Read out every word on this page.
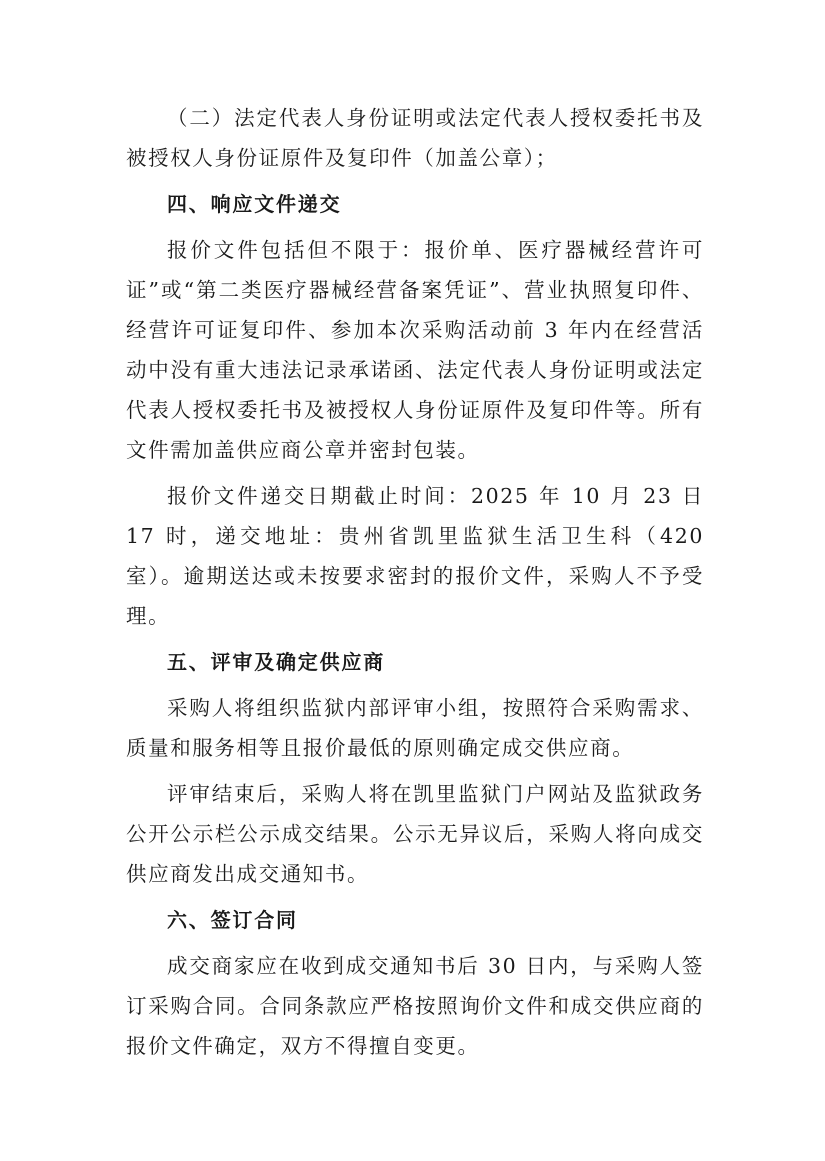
（二）法定代表人身份证明或法定代表人授权委托书及被授权人身份证原件及复印件（加盖公章）；

四、响应文件递交

报价文件包括但不限于：报价单、医疗器械经营许可证”或“第二类医疗器械经营备案凭证”、营业执照复印件、经营许可证复印件、参加本次采购活动前 3 年内在经营活动中没有重大违法记录承诺函、法定代表人身份证明或法定代表人授权委托书及被授权人身份证原件及复印件等。所有文件需加盖供应商公章并密封包装。

报价文件递交日期截止时间：2025 年 10 月 23 日 17 时，递交地址：贵州省凯里监狱生活卫生科（420 室）。逾期送达或未按要求密封的报价文件，采购人不予受理。

五、评审及确定供应商

采购人将组织监狱内部评审小组，按照符合采购需求、质量和服务相等且报价最低的原则确定成交供应商。

评审结束后，采购人将在凯里监狱门户网站及监狱政务公开公示栏公示成交结果。公示无异议后，采购人将向成交供应商发出成交通知书。

六、签订合同

成交商家应在收到成交通知书后 30 日内，与采购人签订采购合同。合同条款应严格按照询价文件和成交供应商的报价文件确定，双方不得擅自变更。
